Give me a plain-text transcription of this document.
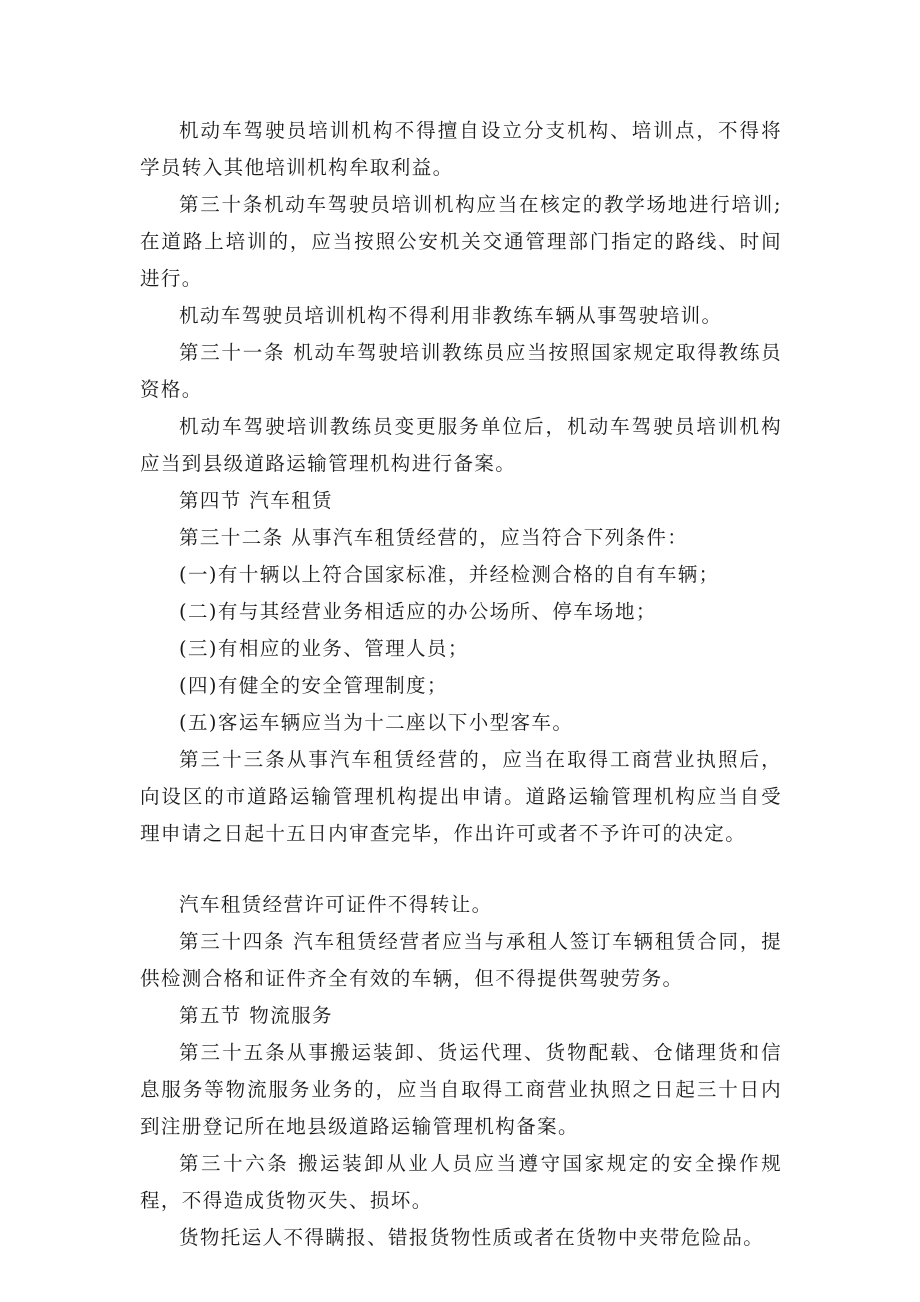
机动车驾驶员培训机构不得擅自设立分支机构、培训点，不得将学员转入其他培训机构牟取利益。

第三十条机动车驾驶员培训机构应当在核定的教学场地进行培训;在道路上培训的，应当按照公安机关交通管理部门指定的路线、时间进行。

机动车驾驶员培训机构不得利用非教练车辆从事驾驶培训。

第三十一条 机动车驾驶培训教练员应当按照国家规定取得教练员资格。

机动车驾驶培训教练员变更服务单位后，机动车驾驶员培训机构应当到县级道路运输管理机构进行备案。

第四节 汽车租赁

第三十二条 从事汽车租赁经营的，应当符合下列条件：

(一)有十辆以上符合国家标准，并经检测合格的自有车辆；

(二)有与其经营业务相适应的办公场所、停车场地；

(三)有相应的业务、管理人员；

(四)有健全的安全管理制度；

(五)客运车辆应当为十二座以下小型客车。

第三十三条从事汽车租赁经营的，应当在取得工商营业执照后，向设区的市道路运输管理机构提出申请。道路运输管理机构应当自受理申请之日起十五日内审查完毕，作出许可或者不予许可的决定。

汽车租赁经营许可证件不得转让。

第三十四条 汽车租赁经营者应当与承租人签订车辆租赁合同，提供检测合格和证件齐全有效的车辆，但不得提供驾驶劳务。

第五节 物流服务

第三十五条从事搬运装卸、货运代理、货物配载、仓储理货和信息服务等物流服务业务的，应当自取得工商营业执照之日起三十日内到注册登记所在地县级道路运输管理机构备案。

第三十六条 搬运装卸从业人员应当遵守国家规定的安全操作规程，不得造成货物灭失、损坏。

货物托运人不得瞒报、错报货物性质或者在货物中夹带危险品。
